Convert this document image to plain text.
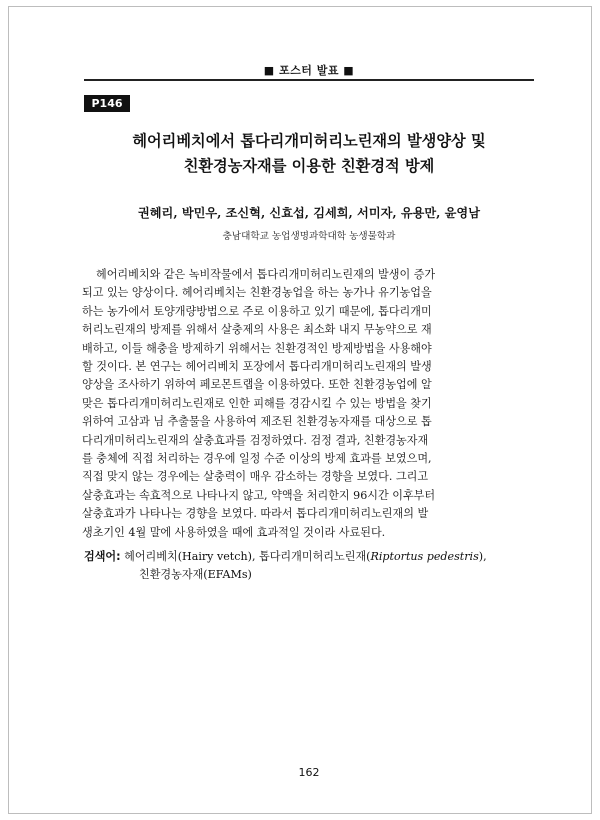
■ 포스터 발표 ■
P146
헤어리베치에서 톱다리개미허리노린재의 발생양상 및
친환경농자재를 이용한 친환경적 방제
권혜리, 박민우, 조신혁, 신효섭, 김세희, 서미자, 유용만, 윤영남
충남대학교 농업생명과학대학 농생물학과
헤어리베치와 같은 녹비작물에서 톱다리개미허리노린재의 발생이 증가
되고 있는 양상이다. 헤어리베치는 친환경농업을 하는 농가나 유기농업을
하는 농가에서 토양개량방법으로 주로 이용하고 있기 때문에, 톱다리개미
허리노린재의 방제를 위해서 살충제의 사용은 최소화 내지 무농약으로 재
배하고, 이들 해충을 방제하기 위해서는 친환경적인 방제방법을 사용해야
할 것이다. 본 연구는 헤어리베치 포장에서 톱다리개미허리노린재의 발생
양상을 조사하기 위하여 페로몬트랩을 이용하였다. 또한 친환경농업에 알
맞은 톱다리개미허리노린재로 인한 피해를 경감시킬 수 있는 방법을 찾기
위하여 고삼과 님 추출물을 사용하여 제조된 친환경농자재를 대상으로 톱
다리개미허리노린재의 살충효과를 검정하였다. 검정 결과, 친환경농자재
를 충체에 직접 처리하는 경우에 일정 수준 이상의 방제 효과를 보였으며,
직접 맞지 않는 경우에는 살충력이 매우 감소하는 경향을 보였다. 그리고
살충효과는 속효적으로 나타나지 않고, 약액을 처리한지 96시간 이후부터
살충효과가 나타나는 경향을 보였다. 따라서 톱다리개미허리노린재의 발
생초기인 4월 말에 사용하였을 때에 효과적일 것이라 사료된다.
검색어: 헤어리베치(Hairy vetch), 톱다리개미허리노린재(Riptortus pedestris),
친환경농자재(EFAMs)
162
